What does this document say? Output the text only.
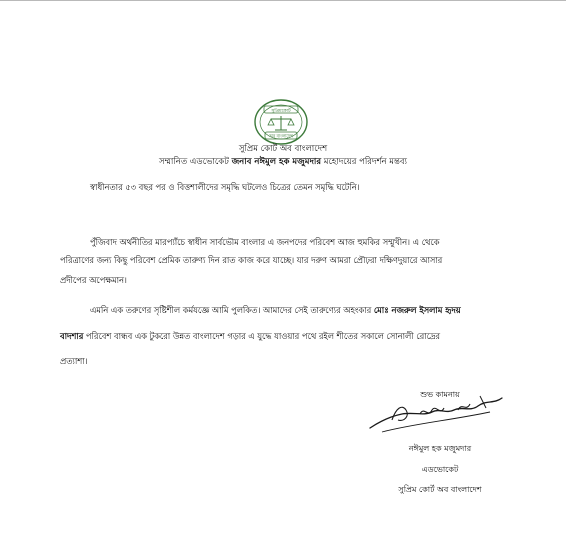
সুপ্রিমকোর্ট
অব বাংলাদেশ
সুপ্রিম কোর্ট অব বাংলাদেশ
সম্মানিত এডভোকেট জনাব নঈমুল হক মজুমদার মহোদয়ের পরিদর্শন মন্তব্য
স্বাধীনতার ৫৩ বছর পর ও বিত্তশালীদের সমৃদ্ধি ঘটলেও চিত্রের তেমন সমৃদ্ধি ঘটেনি।
পুঁজিবাদ অর্থনীতির মারপ্যাঁচে স্বাধীন সার্বভৌম বাংলার এ জনপদের পরিবেশ আজ হুমকির সম্মুখীন। এ থেকে
পরিত্রাণের জন্য কিছু পরিবেশ প্রেমিক তারুণ্য দিন রাত কাজ করে যাচ্ছে। যার দরুণ আমরা প্রৌঢ়রা দক্ষিণদুয়ারে আসার
প্রদীপের অপেক্ষমান।
এমনি এক তরুণের সৃষ্টিশীল কর্মযজ্ঞে আমি পুলকিত। আমাদের সেই তারুণ্যের অহংকার মোঃ নজরুল ইসলাম হৃদয়
বাদশার পরিবেশ বান্ধব এক টুকরো উন্নত বাংলাদেশ গড়ার এ যুদ্ধে যাওয়ার পথে রইল শীতের সকালে সোনালী রোদ্রের
প্রত্যাশা।
শুভ কামনায়
নঈমুল হক মজুমদার
এডভোকেট
সুপ্রিম কোর্ট অব বাংলাদেশ
